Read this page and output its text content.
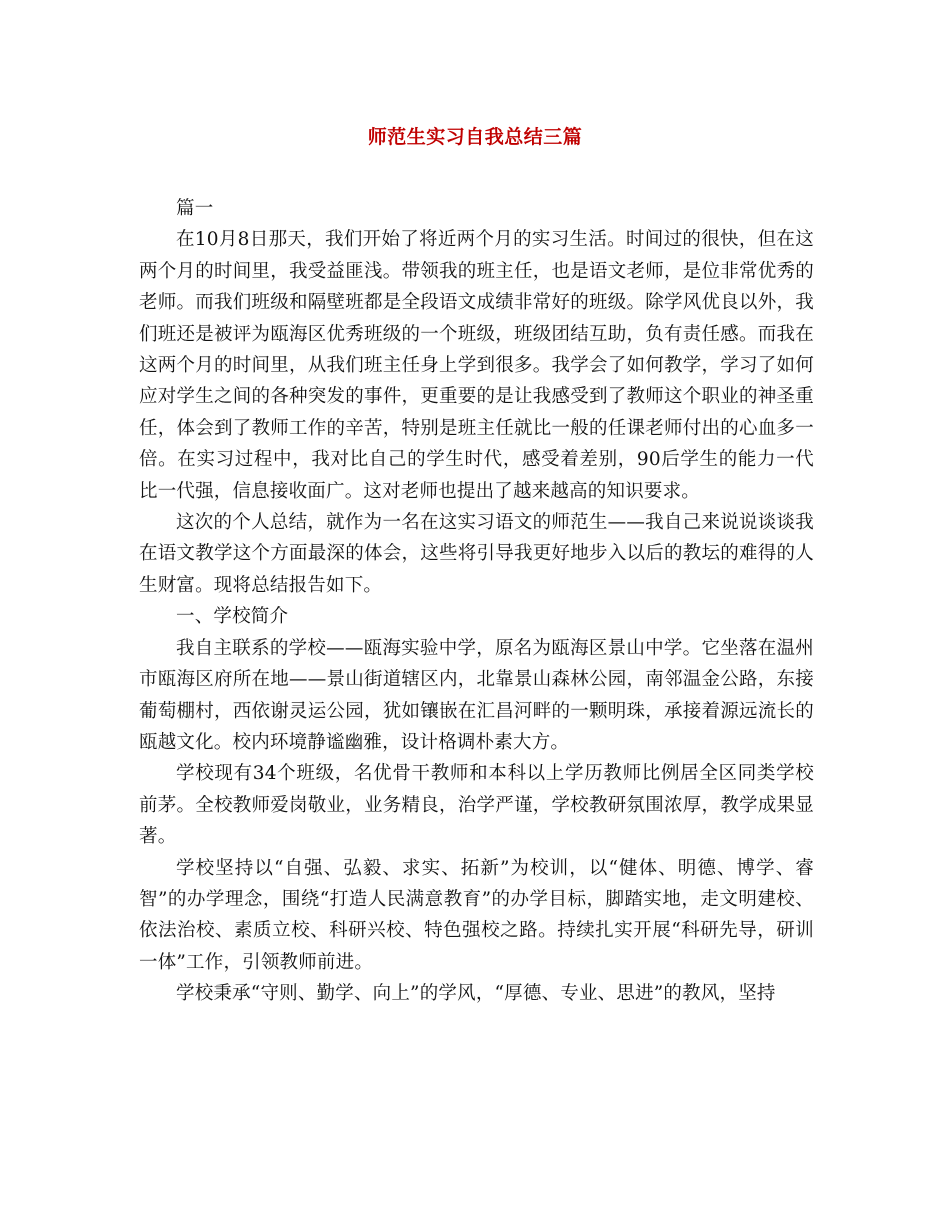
师范生实习自我总结三篇

篇一

在10月8日那天，我们开始了将近两个月的实习生活。时间过的很快，但在这两个月的时间里，我受益匪浅。带领我的班主任，也是语文老师，是位非常优秀的老师。而我们班级和隔壁班都是全段语文成绩非常好的班级。除学风优良以外，我们班还是被评为瓯海区优秀班级的一个班级，班级团结互助，负有责任感。而我在这两个月的时间里，从我们班主任身上学到很多。我学会了如何教学，学习了如何应对学生之间的各种突发的事件，更重要的是让我感受到了教师这个职业的神圣重任，体会到了教师工作的辛苦，特别是班主任就比一般的任课老师付出的心血多一倍。在实习过程中，我对比自己的学生时代，感受着差别，90后学生的能力一代比一代强，信息接收面广。这对老师也提出了越来越高的知识要求。

这次的个人总结，就作为一名在这实习语文的师范生——我自己来说说谈谈我在语文教学这个方面最深的体会，这些将引导我更好地步入以后的教坛的难得的人生财富。现将总结报告如下。

一、学校简介

我自主联系的学校——瓯海实验中学，原名为瓯海区景山中学。它坐落在温州市瓯海区府所在地——景山街道辖区内，北靠景山森林公园，南邻温金公路，东接葡萄棚村，西依谢灵运公园，犹如镶嵌在汇昌河畔的一颗明珠，承接着源远流长的瓯越文化。校内环境静谧幽雅，设计格调朴素大方。

学校现有34个班级，名优骨干教师和本科以上学历教师比例居全区同类学校前茅。全校教师爱岗敬业，业务精良，治学严谨，学校教研氛围浓厚，教学成果显著。

学校坚持以“自强、弘毅、求实、拓新”为校训，以“健体、明德、博学、睿智”的办学理念，围绕“打造人民满意教育”的办学目标，脚踏实地，走文明建校、依法治校、素质立校、科研兴校、特色强校之路。持续扎实开展“科研先导，研训一体”工作，引领教师前进。

学校秉承“守则、勤学、向上”的学风，“厚德、专业、思进”的教风，坚持
